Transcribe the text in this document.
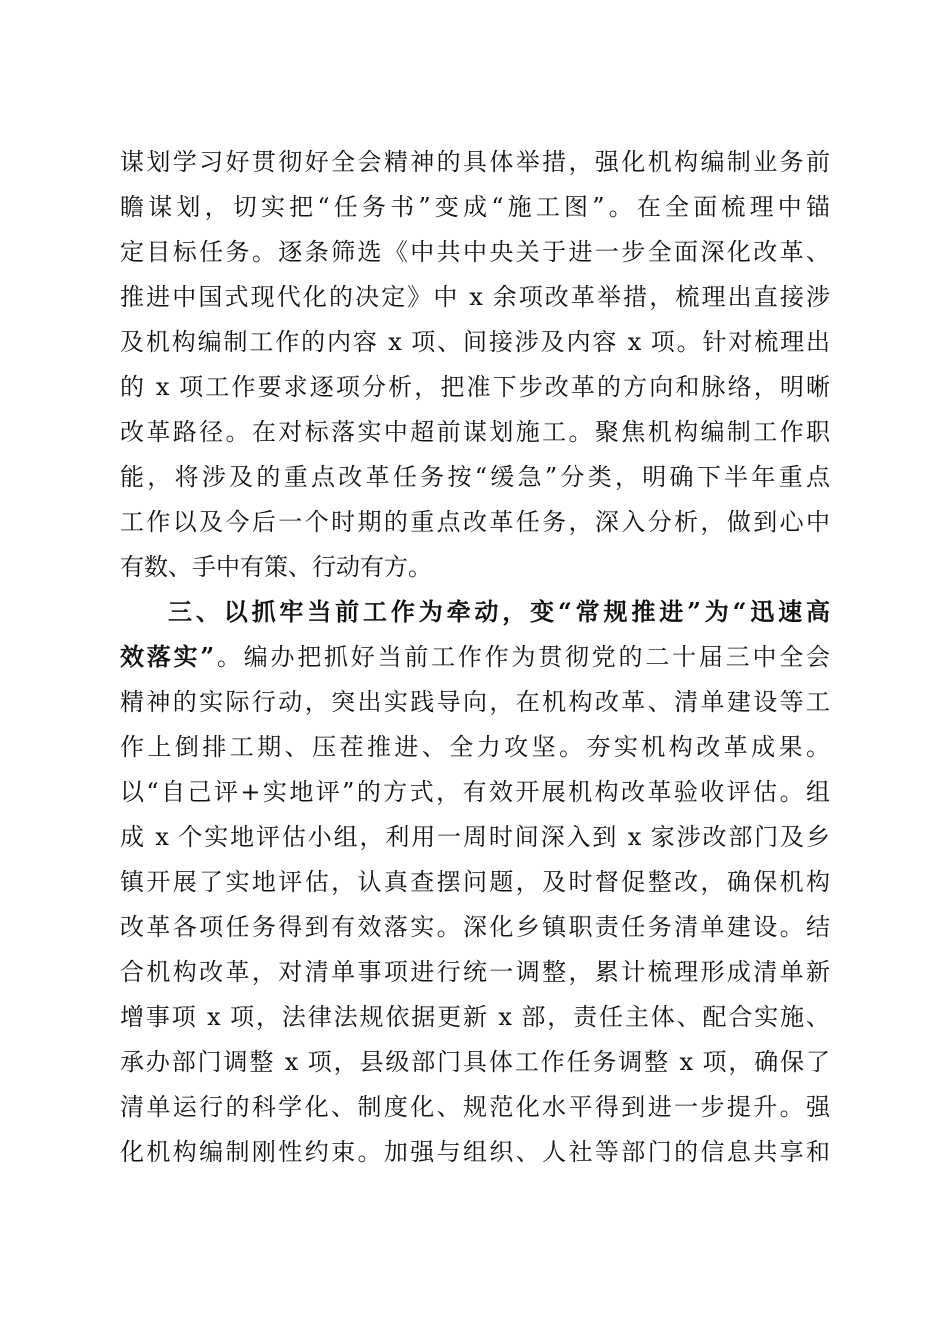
谋划学习好贯彻好全会精神的具体举措，强化机构编制业务前
瞻谋划，切实把“任务书”变成“施工图”。在全面梳理中锚
定目标任务。逐条筛选《中共中央关于进一步全面深化改革、
推进中国式现代化的决定》中 x 余项改革举措，梳理出直接涉
及机构编制工作的内容 x 项、间接涉及内容 x 项。针对梳理出
的 x 项工作要求逐项分析，把准下步改革的方向和脉络，明晰
改革路径。在对标落实中超前谋划施工。聚焦机构编制工作职
能，将涉及的重点改革任务按“缓急”分类，明确下半年重点
工作以及今后一个时期的重点改革任务，深入分析，做到心中
有数、手中有策、行动有方。
三、以抓牢当前工作为牵动，变“常规推进”为“迅速高
效落实”。编办把抓好当前工作作为贯彻党的二十届三中全会
精神的实际行动，突出实践导向，在机构改革、清单建设等工
作上倒排工期、压茬推进、全力攻坚。夯实机构改革成果。
以“自己评+实地评”的方式，有效开展机构改革验收评估。组
成 x 个实地评估小组，利用一周时间深入到 x 家涉改部门及乡
镇开展了实地评估，认真查摆问题，及时督促整改，确保机构
改革各项任务得到有效落实。深化乡镇职责任务清单建设。结
合机构改革，对清单事项进行统一调整，累计梳理形成清单新
增事项 x 项，法律法规依据更新 x 部，责任主体、配合实施、
承办部门调整 x 项，县级部门具体工作任务调整 x 项，确保了
清单运行的科学化、制度化、规范化水平得到进一步提升。强
化机构编制刚性约束。加强与组织、人社等部门的信息共享和
